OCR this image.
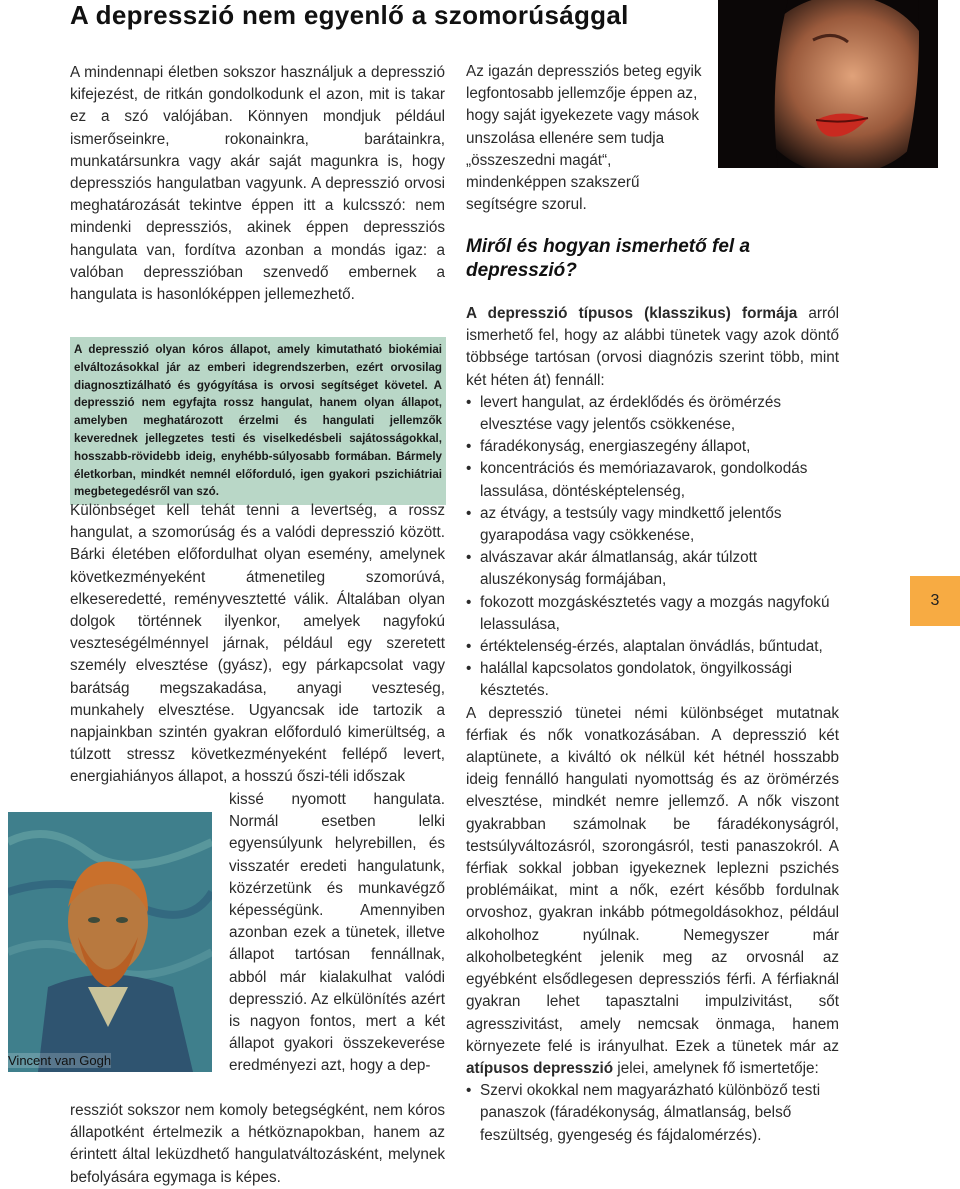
A depresszió nem egyenlő a szomorúsággal

A mindennapi életben sokszor használjuk a depresszió kifejezést, de ritkán gondolkodunk el azon, mit is takar ez a szó valójában. Könnyen mondjuk például ismerőseinkre, rokonainkra, barátainkra, munkatársunkra vagy akár saját magunkra is, hogy depressziós hangulatban vagyunk. A depresszió orvosi meghatározását tekintve éppen itt a kulcsszó: nem mindenki depressziós, akinek éppen depressziós hangulata van, fordítva azonban a mondás igaz: a valóban depresszióban szenvedő embernek a hangulata is hasonlóképpen jellemezhető.

A depresszió olyan kóros állapot, amely kimutatható biokémiai elváltozásokkal jár az emberi idegrendszerben, ezért orvosilag diagnosztizálható és gyógyítása is orvosi segítséget követel. A depresszió nem egyfajta rossz hangulat, hanem olyan állapot, amelyben meghatározott érzelmi és hangulati jellemzők keverednek jellegzetes testi és viselkedésbeli sajátosságokkal, hosszabb-rövidebb ideig, enyhébb-súlyosabb formában. Bármely életkorban, mindkét nemnél előforduló, igen gyakori pszichiátriai megbetegedésről van szó.

Különbséget kell tehát tenni a levertség, a rossz hangulat, a szomorúság és a valódi depresszió között. Bárki életében előfordulhat olyan esemény, amelynek következményeként átmenetileg szomorúvá, elkeseredetté, reményvesztetté válik. Általában olyan dolgok történnek ilyenkor, amelyek nagyfokú veszteségélménnyel járnak, például egy szeretett személy elvesztése (gyász), egy párkapcsolat vagy barátság megszakadása, anyagi veszteség, munkahely elvesztése. Ugyancsak ide tartozik a napjainkban szintén gyakran előforduló kimerültség, a túlzott stressz következményeként fellépő levert, energiahiányos állapot, a hosszú őszi-téli időszak

kissé nyomott hangulata. Normál esetben lelki egyensúlyunk helyrebillen, és visszatér eredeti hangulatunk, közérzetünk és munkavégző képességünk. Amennyiben azonban ezek a tünetek, illetve állapot tartósan fennállnak, abból már kialakulhat valódi depresszió. Az elkülönítés azért is nagyon fontos, mert a két állapot gyakori összekeverése eredményezi azt, hogy a dep-

ressziót sokszor nem komoly betegségként, nem kóros állapotként értelmezik a hétköznapokban, hanem az érintett által leküzdhető hangulatváltozásként, melynek befolyására egymaga is képes.

Vincent van Gogh

Az igazán depressziós beteg egyik legfontosabb jellemzője éppen az, hogy saját igyekezete vagy mások unszolása ellenére sem tudja „összeszedni magát“, mindenképpen szakszerű segítségre szorul.

Miről és hogyan ismerhető fel a depresszió?

A depresszió típusos (klasszikus) formája arról ismerhető fel, hogy az alábbi tünetek vagy azok döntő többsége tartósan (orvosi diagnózis szerint több, mint két héten át) fennáll:

• levert hangulat, az érdeklődés és örömérzés elvesztése vagy jelentős csökkenése,
• fáradékonyság, energiaszegény állapot,
• koncentrációs és memóriazavarok, gondolkodás lassulása, döntésképtelenség,
• az étvágy, a testsúly vagy mindkettő jelentős gyarapodása vagy csökkenése,
• alvászavar akár álmatlanság, akár túlzott aluszékonyság formájában,
• fokozott mozgáskésztetés vagy a mozgás nagyfokú lelassulása,
• értéktelenség-érzés, alaptalan önvádlás, bűntudat,
• halállal kapcsolatos gondolatok, öngyilkossági késztetés.

A depresszió tünetei némi különbséget mutatnak férfiak és nők vonatkozásában. A depresszió két alaptünete, a kiváltó ok nélkül két hétnél hosszabb ideig fennálló hangulati nyomottság és az örömérzés elvesztése, mindkét nemre jellemző. A nők viszont gyakrabban számolnak be fáradékonyságról, testsúlyváltozásról, szorongásról, testi panaszokról. A férfiak sokkal jobban igyekeznek leplezni pszichés problémáikat, mint a nők, ezért később fordulnak orvoshoz, gyakran inkább pótmegoldásokhoz, például alkoholhoz nyúlnak. Nemegyszer már alkoholbetegként jelenik meg az orvosnál az egyébként elsődlegesen depressziós férfi. A férfiaknál gyakran lehet tapasztalni impulzivitást, sőt agresszivitást, amely nemcsak önmaga, hanem környezete felé is irányulhat. Ezek a tünetek már az atípusos depresszió jelei, amelynek fő ismertetője:

• Szervi okokkal nem magyarázható különböző testi panaszok (fáradékonyság, álmatlanság, belső feszültség, gyengeség és fájdalomérzés).
3
